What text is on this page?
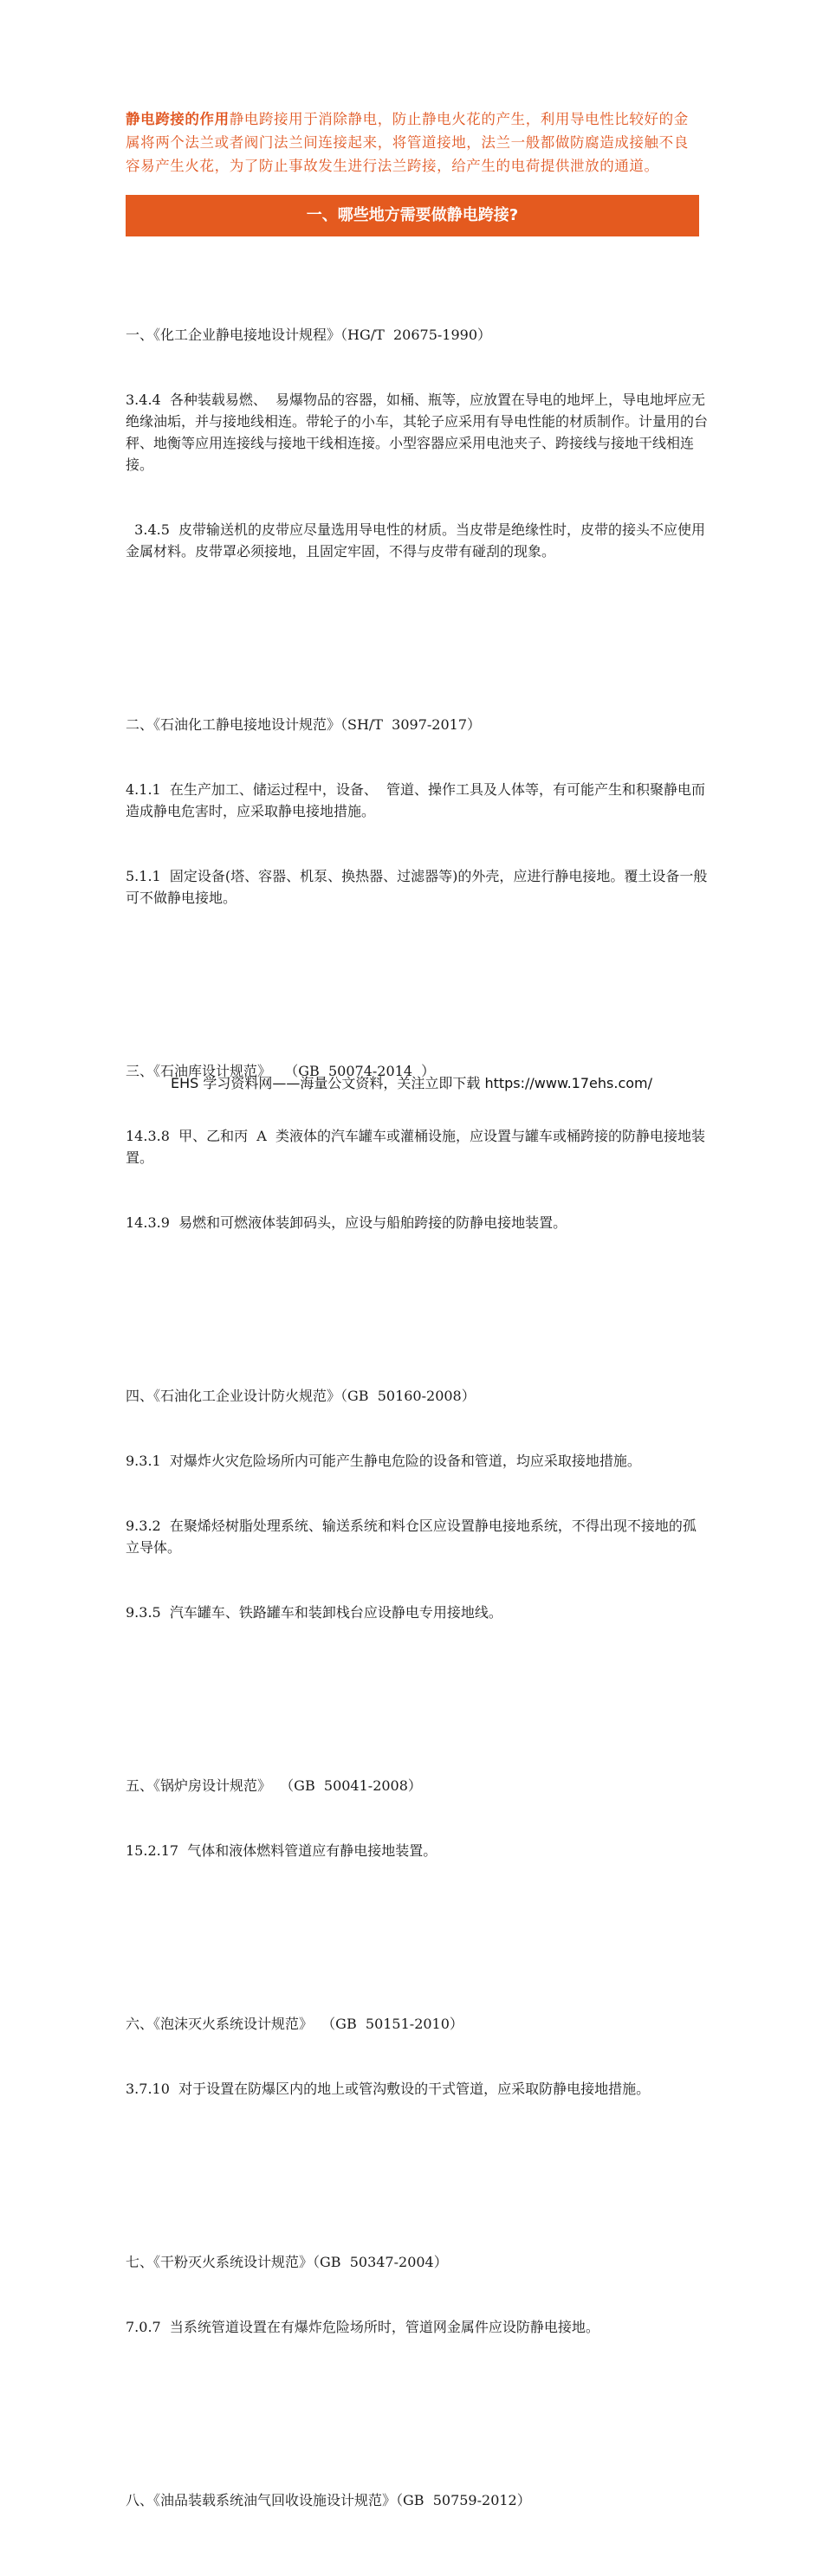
静电跨接的作用静电跨接用于消除静电，防止静电火花的产生，利用导电性比较好的金属将两个法兰或者阀门法兰间连接起来，将管道接地，法兰一般都做防腐造成接触不良容易产生火花，为了防止事故发生进行法兰跨接，给产生的电荷提供泄放的通道。
一、哪些地方需要做静电跨接?

一、《化工企业静电接地设计规程》（HG/T  20675-1990）

3.4.4  各种装载易燃、  易爆物品的容器，如桶、瓶等，应放置在导电的地坪上，导电地坪应无绝缘油垢，并与接地线相连。带轮子的小车，其轮子应采用有导电性能的材质制作。计量用的台秤、地衡等应用连接线与接地干线相连接。小型容器应采用电池夹子、跨接线与接地干线相连接。

3.4.5  皮带输送机的皮带应尽量选用导电性的材质。当皮带是绝缘性时，皮带的接头不应使用金属材料。皮带罩必须接地，且固定牢固，不得与皮带有碰刮的现象。

二、《石油化工静电接地设计规范》（SH/T  3097-2017）

4.1.1  在生产加工、储运过程中，设备、  管道、操作工具及人体等，有可能产生和积聚静电而造成静电危害时，应采取静电接地措施。

5.1.1  固定设备(塔、容器、机泵、换热器、过滤器等)的外壳，应进行静电接地。覆土设备一般可不做静电接地。

三、《石油库设计规范》   （GB  50074-2014  ）

14.3.8  甲、乙和丙  A  类液体的汽车罐车或灌桶设施，应设置与罐车或桶跨接的防静电接地装置。

14.3.9  易燃和可燃液体装卸码头，应设与船舶跨接的防静电接地装置。

四、《石油化工企业设计防火规范》（GB  50160-2008）

9.3.1  对爆炸火灾危险场所内可能产生静电危险的设备和管道，均应采取接地措施。

9.3.2  在聚烯烃树脂处理系统、输送系统和料仓区应设置静电接地系统，不得出现不接地的孤立导体。

9.3.5  汽车罐车、铁路罐车和装卸栈台应设静电专用接地线。

五、《锅炉房设计规范》  （GB  50041-2008）

15.2.17  气体和液体燃料管道应有静电接地装置。

六、《泡沫灭火系统设计规范》  （GB  50151-2010）

3.7.10  对于设置在防爆区内的地上或管沟敷设的干式管道，应采取防静电接地措施。

七、《干粉灭火系统设计规范》（GB  50347-2004）

7.0.7  当系统管道设置在有爆炸危险场所时，管道网金属件应设防静电接地。

八、《油品装载系统油气回收设施设计规范》（GB  50759-2012）

EHS 学习资料网——海量公文资料，关注立即下载 https://www.17ehs.com/
